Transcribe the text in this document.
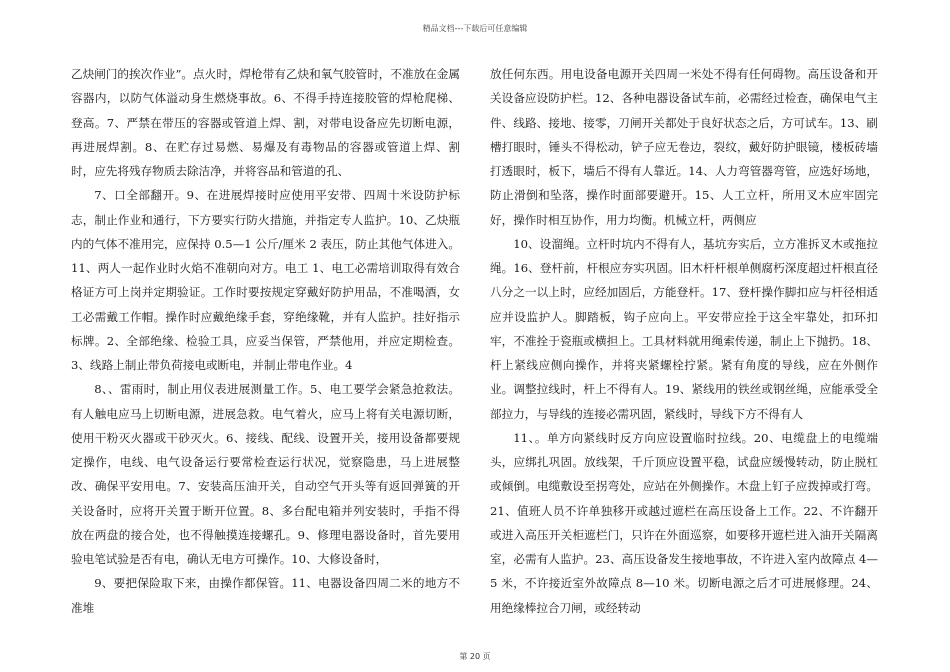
精品文档---下载后可任意编辑

乙炔闸门的挨次作业”。点火时，焊枪带有乙炔和氧气胶管时，不准放在金属容器内，以防气体溢动身生燃烧事故。6、不得手持连接胶管的焊枪爬梯、登高。7、严禁在带压的容器或管道上焊、割，对带电设备应先切断电源，再进展焊割。8、在贮存过易燃、易爆及有毒物品的容器或管道上焊、割时，应先将残存物质去除洁净，并将容品和管道的孔、

7、口全部翻开。9、在进展焊接时应使用平安带、四周十米设防护标志，制止作业和通行，下方要实行防火措施，并指定专人监护。10、乙炔瓶内的气体不准用完，应保持 0.5—1 公斤/厘米 2 表压，防止其他气体进入。11、两人一起作业时火焰不准朝向对方。电工 1、电工必需培训取得有效合格证方可上岗并定期验证。工作时要按规定穿戴好防护用品，不准喝酒，女工必需戴工作帽。操作时应戴绝缘手套，穿绝缘靴，并有人监护。挂好指示标牌。2、全部绝缘、检验工具，应妥当保管，严禁他用，并应定期检查。3、线路上制止带负荷接电或断电，并制止带电作业。4

8、、雷雨时，制止用仪表进展测量工作。5、电工要学会紧急抢救法。有人触电应马上切断电源，进展急救。电气着火，应马上将有关电源切断，使用干粉灭火器或干砂灭火。6、接线、配线、设置开关，接用设备都要规定操作，电线、电气设备运行要常检查运行状况，觉察隐患，马上进展整改、确保平安用电。7、安装高压油开关，自动空气开头等有返回弹簧的开关设备时，应将开关置于断开位置。8、多台配电箱并列安装时，手指不得放在两盘的接合处，也不得触摸连接螺孔。9、修理电器设备时，首先要用验电笔试验是否有电，确认无电方可操作。10、大修设备时，

9、要把保险取下来，由操作都保管。11、电器设备四周二米的地方不准堆

放任何东西。用电设备电源开关四周一米处不得有任何碍物。高压设备和开关设备应设防护栏。12、各种电器设备试车前，必需经过检查，确保电气主件、线路、接地、接零，刀闸开关都处于良好状态之后，方可试车。13、刷槽打眼时，锤头不得松动，铲子应无卷边，裂纹，戴好防护眼镜，楼板砖墙打透眼时，板下，墙后不得有人靠近。14、人力弯管器弯管，应选好场地，防止滑倒和坠落，操作时面部要避开。15、人工立杆，所用叉木应牢固完好，操作时相互协作，用力均衡。机械立杆，两侧应

10、设溜绳。立杆时坑内不得有人，基坑夯实后，立方准拆叉木或拖拉绳。16、登杆前，杆根应夯实巩固。旧木杆杆根单侧腐朽深度超过杆根直径八分之一以上时，应经加固后，方能登杆。17、登杆操作脚扣应与杆径相适应并设监护人。脚踏板，钩子应向上。平安带应拴于这全牢靠处，扣环扣牢，不准拴于瓷瓶或横担上。工具材料就用绳索传递，制止上下抛扔。18、杆上紧线应侧向操作，并将夹紧螺栓拧紧。紧有角度的导线，应在外侧作业。调整拉线时，杆上不得有人。19、紧线用的铁丝或钢丝绳，应能承受全部拉力，与导线的连接必需巩固，紧线时，导线下方不得有人

11、。单方向紧线时反方向应设置临时拉线。20、电缆盘上的电缆端头，应绑扎巩固。放线架，千斤顶应设置平稳，试盘应缓慢转动，防止脱杠或倾倒。电缆敷设至拐弯处，应站在外侧操作。木盘上钉子应拨掉或打弯。21、值班人员不许单独移开或越过遮栏在高压设备上工作。22、不许翻开或进入高压开关柜遮栏门，只许在外面巡察，如要移开遮栏进入油开关隔离室，必需有人监护。23、高压设备发生接地事故，不许进入室内故障点 4—5 米，不许接近室外故障点 8—10 米。切断电源之后才可进展修理。24、用绝缘棒拉合刀闸，或经转动

第 20 页
